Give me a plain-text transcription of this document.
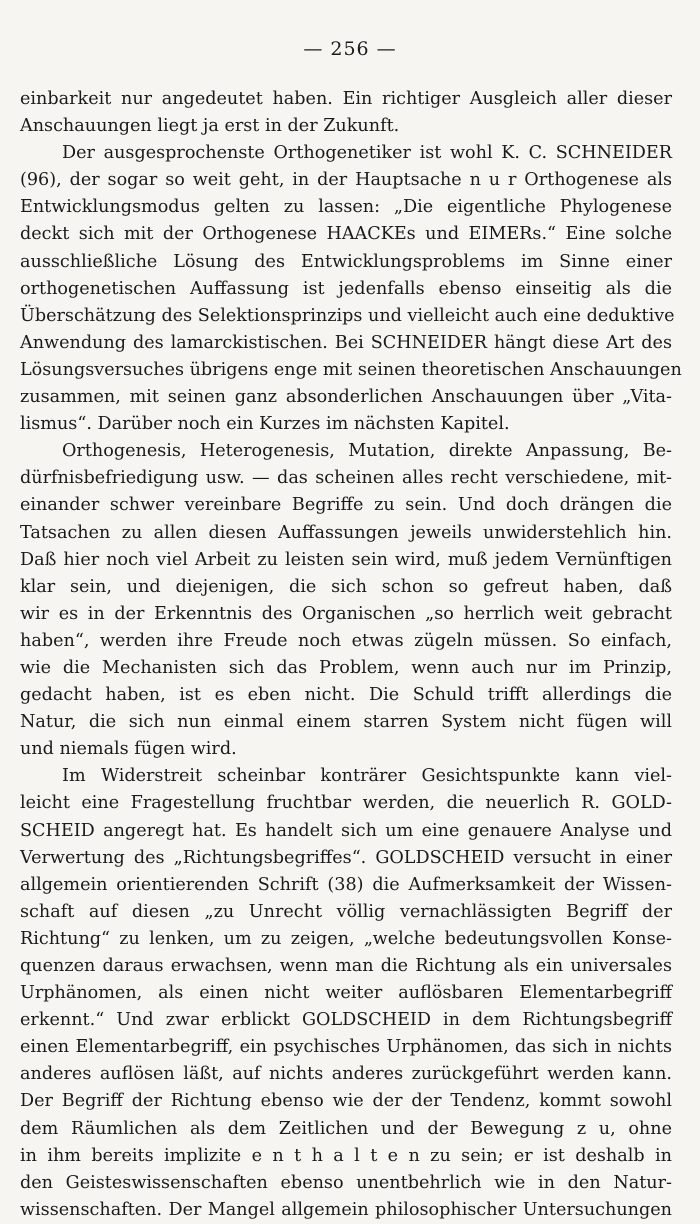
— 256 —
einbarkeit nur angedeutet haben. Ein richtiger Ausgleich aller dieser
Anschauungen liegt ja erst in der Zukunft.
Der ausgesprochenste Orthogenetiker ist wohl K. C. SCHNEIDER
(96), der sogar so weit geht, in der Hauptsache n u r Orthogenese als
Entwicklungsmodus gelten zu lassen: „Die eigentliche Phylogenese
deckt sich mit der Orthogenese HAACKEs und EIMERs.“ Eine solche
ausschließliche Lösung des Entwicklungsproblems im Sinne einer
orthogenetischen Auffassung ist jedenfalls ebenso einseitig als die
Überschätzung des Selektionsprinzips und vielleicht auch eine deduktive
Anwendung des lamarckistischen. Bei SCHNEIDER hängt diese Art des
Lösungsversuches übrigens enge mit seinen theoretischen Anschauungen
zusammen, mit seinen ganz absonderlichen Anschauungen über „Vita-
lismus“. Darüber noch ein Kurzes im nächsten Kapitel.
Orthogenesis, Heterogenesis, Mutation, direkte Anpassung, Be-
dürfnisbefriedigung usw. — das scheinen alles recht verschiedene, mit-
einander schwer vereinbare Begriffe zu sein. Und doch drängen die
Tatsachen zu allen diesen Auffassungen jeweils unwiderstehlich hin.
Daß hier noch viel Arbeit zu leisten sein wird, muß jedem Vernünftigen
klar sein, und diejenigen, die sich schon so gefreut haben, daß
wir es in der Erkenntnis des Organischen „so herrlich weit gebracht
haben“, werden ihre Freude noch etwas zügeln müssen. So einfach,
wie die Mechanisten sich das Problem, wenn auch nur im Prinzip,
gedacht haben, ist es eben nicht. Die Schuld trifft allerdings die
Natur, die sich nun einmal einem starren System nicht fügen will
und niemals fügen wird.
Im Widerstreit scheinbar konträrer Gesichtspunkte kann viel-
leicht eine Fragestellung fruchtbar werden, die neuerlich R. GOLD-
SCHEID angeregt hat. Es handelt sich um eine genauere Analyse und
Verwertung des „Richtungsbegriffes“. GOLDSCHEID versucht in einer
allgemein orientierenden Schrift (38) die Aufmerksamkeit der Wissen-
schaft auf diesen „zu Unrecht völlig vernachlässigten Begriff der
Richtung“ zu lenken, um zu zeigen, „welche bedeutungsvollen Konse-
quenzen daraus erwachsen, wenn man die Richtung als ein universales
Urphänomen, als einen nicht weiter auflösbaren Elementarbegriff
erkennt.“ Und zwar erblickt GOLDSCHEID in dem Richtungsbegriff
einen Elementarbegriff, ein psychisches Urphänomen, das sich in nichts
anderes auflösen läßt, auf nichts anderes zurückgeführt werden kann.
Der Begriff der Richtung ebenso wie der der Tendenz, kommt sowohl
dem Räumlichen als dem Zeitlichen und der Bewegung z u, ohne
in ihm bereits implizite e n t h a l t e n zu sein; er ist deshalb in
den Geisteswissenschaften ebenso unentbehrlich wie in den Natur-
wissenschaften. Der Mangel allgemein philosophischer Untersuchungen
